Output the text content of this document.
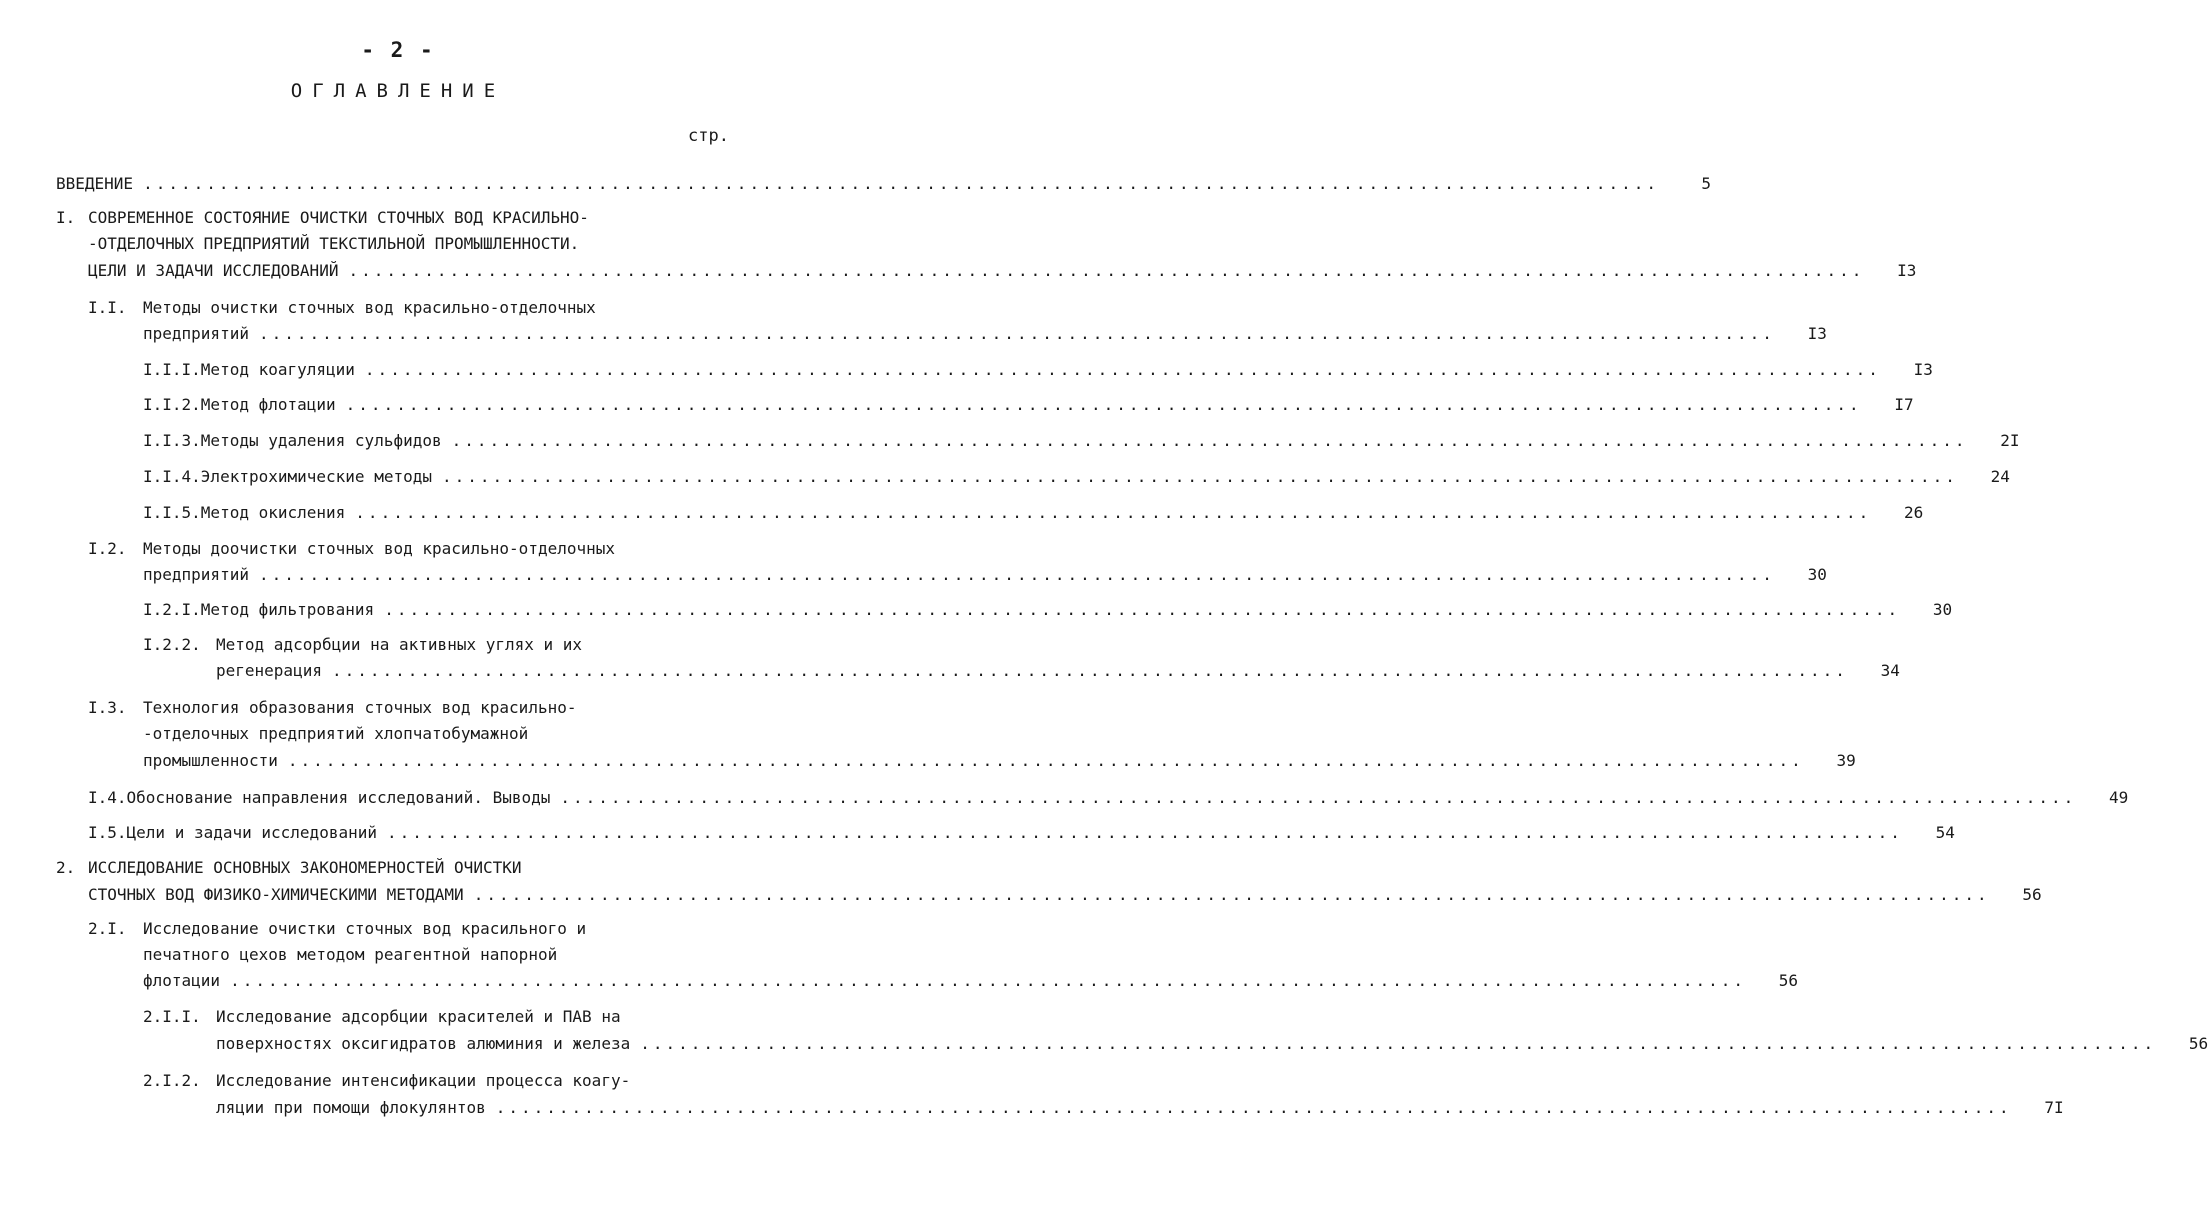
- 2 -
ОГЛАВЛЕНИЕ
стр.
ВВЕДЕНИЕ ........................................................................................................................	5
I. СОВРЕМЕННОЕ СОСТОЯНИЕ ОЧИСТКИ СТОЧНЫХ ВОД КРАСИЛЬНО-
-ОТДЕЛОЧНЫХ ПРЕДПРИЯТИЙ ТЕКСТИЛЬНОЙ ПРОМЫШЛЕННОСТИ.
ЦЕЛИ И ЗАДАЧИ ИССЛЕДОВАНИЙ ........................................................................................................................	I3
I.I.	Методы очистки сточных вод красильно-отделочных
предприятий ........................................................................................................................	I3
I.I.I. Метод коагуляции ........................................................................................................................	I3
I.I.2. Метод флотации ........................................................................................................................	I7
I.I.3. Методы удаления сульфидов ........................................................................................................................	2I
I.I.4. Электрохимические методы ........................................................................................................................	24
I.I.5. Метод окисления ........................................................................................................................	26
I.2.	Методы доочистки сточных вод красильно-отделочных
предприятий ........................................................................................................................	30
I.2.I. Метод фильтрования ........................................................................................................................	30
I.2.2. Метод адсорбции на активных углях и их
регенерация ........................................................................................................................	34
I.3.	Технология образования сточных вод красильно-
-отделочных предприятий хлопчатобумажной
промышленности ........................................................................................................................	39
I.4. Обоснование направления исследований. Выводы ........................................................................................................................	49
I.5. Цели и задачи исследований ........................................................................................................................	54
2. ИССЛЕДОВАНИЕ ОСНОВНЫХ ЗАКОНОМЕРНОСТЕЙ ОЧИСТКИ
СТОЧНЫХ ВОД ФИЗИКО-ХИМИЧЕСКИМИ МЕТОДАМИ ........................................................................................................................	56
2.I.	Исследование очистки сточных вод красильного и
печатного цехов методом реагентной напорной
флотации ........................................................................................................................	56
2.I.I. Исследование адсорбции красителей и ПАВ на
поверхностях оксигидратов алюминия и железа ........................................................................................................................	56
2.I.2. Исследование интенсификации процесса коагу-
ляции при помощи флокулянтов ........................................................................................................................	7I
